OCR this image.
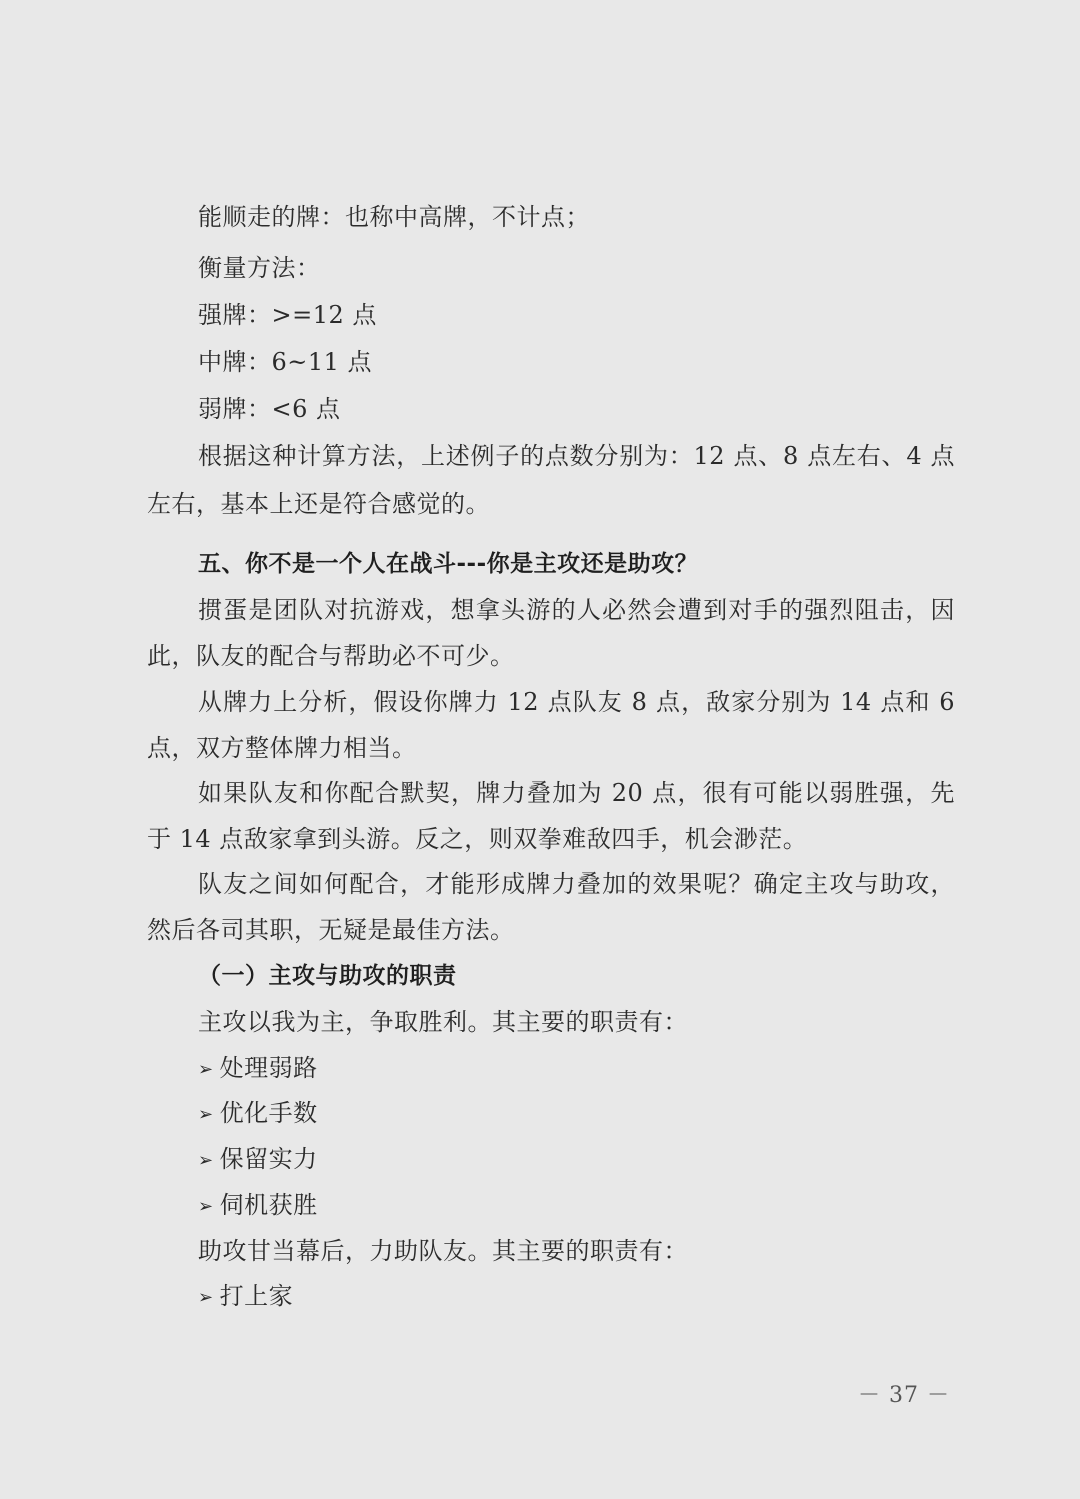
能顺走的牌：也称中高牌，不计点；
衡量方法：
强牌：>=12 点
中牌：6~11 点
弱牌：<6 点
根据这种计算方法，上述例子的点数分别为：12 点、8 点左右、4 点
左右，基本上还是符合感觉的。
五、你不是一个人在战斗---你是主攻还是助攻？
掼蛋是团队对抗游戏，想拿头游的人必然会遭到对手的强烈阻击，因
此，队友的配合与帮助必不可少。
从牌力上分析，假设你牌力 12 点队友 8 点，敌家分别为 14 点和 6
点，双方整体牌力相当。
如果队友和你配合默契，牌力叠加为 20 点，很有可能以弱胜强，先
于 14 点敌家拿到头游。反之，则双拳难敌四手，机会渺茫。
队友之间如何配合，才能形成牌力叠加的效果呢？确定主攻与助攻，
然后各司其职，无疑是最佳方法。
（一）主攻与助攻的职责
主攻以我为主，争取胜利。其主要的职责有：
➢ 处理弱路
➢ 优化手数
➢ 保留实力
➢ 伺机获胜
助攻甘当幕后，力助队友。其主要的职责有：
➢ 打上家
－ 37 －
